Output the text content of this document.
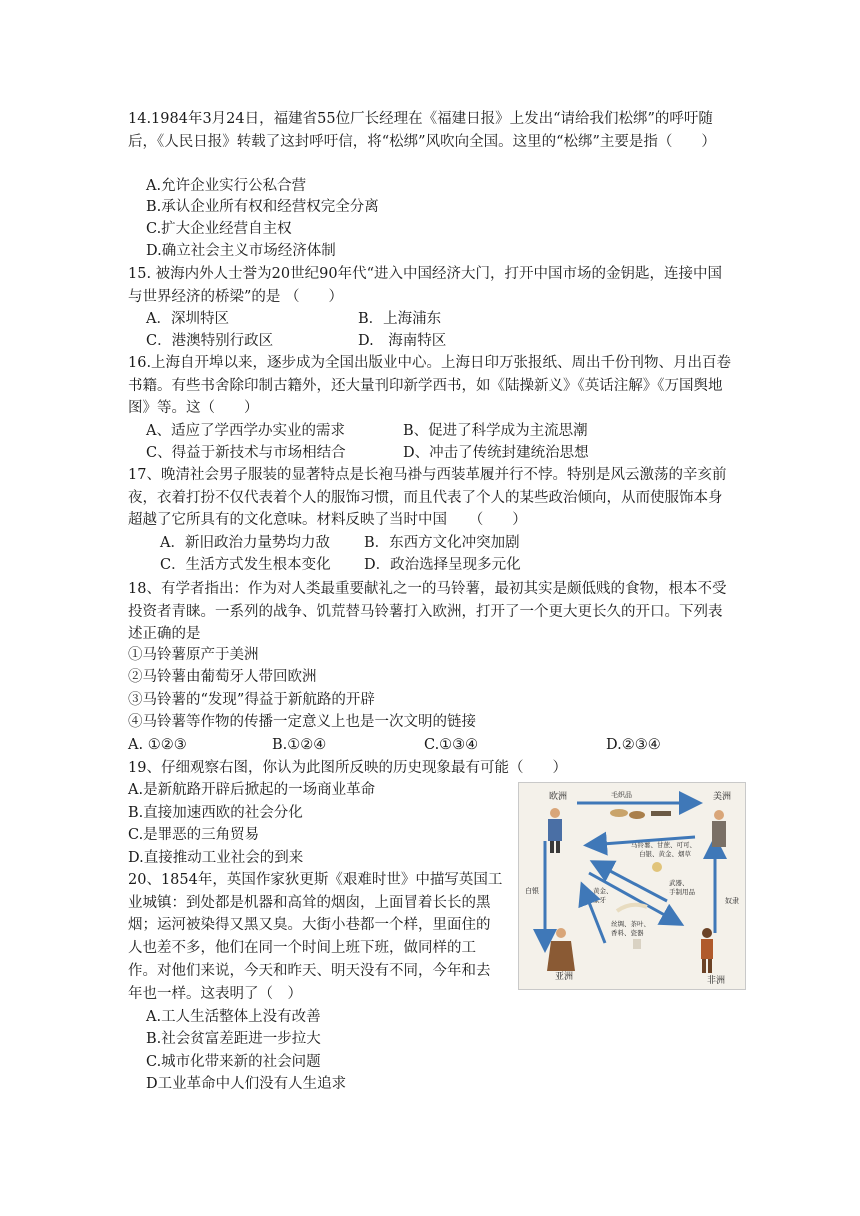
14.1984年3月24日，福建省55位厂长经理在《福建日报》上发出“请给我们松绑”的呼吁随后，《人民日报》转载了这封呼吁信，将“松绑”风吹向全国。这里的“松绑”主要是指（　　）

A.允许企业实行公私合营
B.承认企业所有权和经营权完全分离
C.扩大企业经营自主权
D.确立社会主义市场经济体制

15. 被海内外人士誉为20世纪90年代“进入中国经济大门，打开中国市场的金钥匙，连接中国与世界经济的桥梁”的是 （　　）

A．深圳特区	B．上海浦东
C．港澳特别行政区	D.　海南特区

16.上海自开埠以来，逐步成为全国出版业中心。上海日印万张报纸、周出千份刊物、月出百卷书籍。有些书舍除印制古籍外，还大量刊印新学西书，如《陆操新义》《英话注解》《万国舆地图》等。这（　　）

A、适应了学西学办实业的需求	B、促进了科学成为主流思潮
C、得益于新技术与市场相结合	D、冲击了传统封建统治思想

17、晚清社会男子服装的显著特点是长袍马褂与西装革履并行不悖。特别是风云激荡的辛亥前夜，衣着打扮不仅代表着个人的服饰习惯，而且代表了个人的某些政治倾向，从而使服饰本身超越了它所具有的文化意味。材料反映了当时中国　　（　　）

A．新旧政治力量势均力敌 B．东西方文化冲突加剧
C．生活方式发生根本变化 D．政治选择呈现多元化

18、有学者指出：作为对人类最重要献礼之一的马铃薯，最初其实是颇低贱的食物，根本不受投资者青睐。一系列的战争、饥荒替马铃薯打入欧洲，打开了一个更大更长久的开口。下列表述正确的是

①马铃薯原产于美洲
②马铃薯由葡萄牙人带回欧洲
③马铃薯的“发现”得益于新航路的开辟
④马铃薯等作物的传播一定意义上也是一次文明的链接
A. ①②③	B.①②④	C.①③④	D.②③④
19、仔细观察右图，你认为此图所反映的历史现象最有可能（　　）
A.是新航路开辟后掀起的一场商业革命
B.直接加速西欧的社会分化
C.是罪恶的三角贸易
D.直接推动工业社会的到来

20、1854年，英国作家狄更斯《艰难时世》中描写英国工业城镇：到处都是机器和高耸的烟囱，上面冒着长长的黑烟；运河被染得又黑又臭。大街小巷都一个样，里面住的人也差不多，他们在同一个时间上班下班，做同样的工作。对他们来说，今天和昨天、明天没有不同，今年和去年也一样。这表明了（　）

A.工人生活整体上没有改善
B.社会贫富差距进一步拉大
C.城市化带来新的社会问题
D工业革命中人们没有人生追求
欧洲	美洲
亚洲	非洲
毛织品
马铃薯、甘蔗、可可、
白银、黄金、烟草
白银	黄金、
象牙
武器、
手制用品
丝绸、茶叶、
香料、瓷器
奴隶
